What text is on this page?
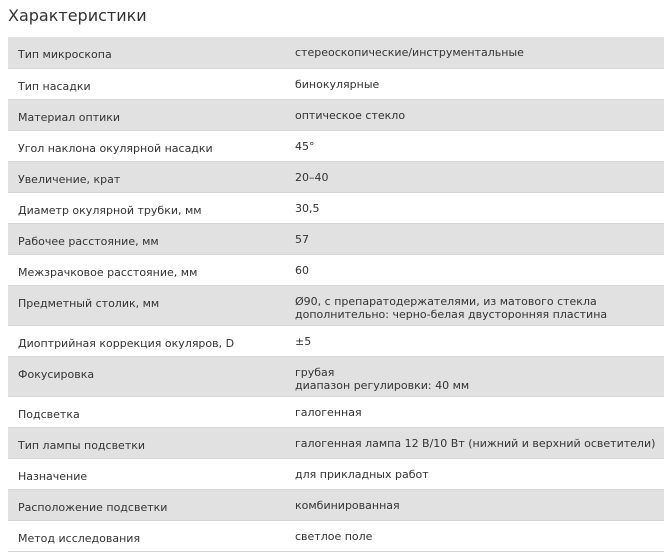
Характеристики
Тип микроскопа	стереоскопические/инструментальные

Тип насадки	бинокулярные

Материал оптики	оптическое стекло

Угол наклона окулярной насадки	45°

Увеличение, крат	20–40

Диаметр окулярной трубки, мм	30,5

Рабочее расстояние, мм	57

Межзрачковое расстояние, мм	60

Предметный столик, мм	Ø90, с препаратодержателями, из матового стекла
дополнительно: черно-белая двусторонняя пластина

Диоптрийная коррекция окуляров, D	±5

Фокусировка	грубая
диапазон регулировки: 40 мм

Подсветка	галогенная

Тип лампы подсветки	галогенная лампа 12 В/10 Вт (нижний и верхний осветители)

Назначение	для прикладных работ

Расположение подсветки	комбинированная

Метод исследования	светлое поле
